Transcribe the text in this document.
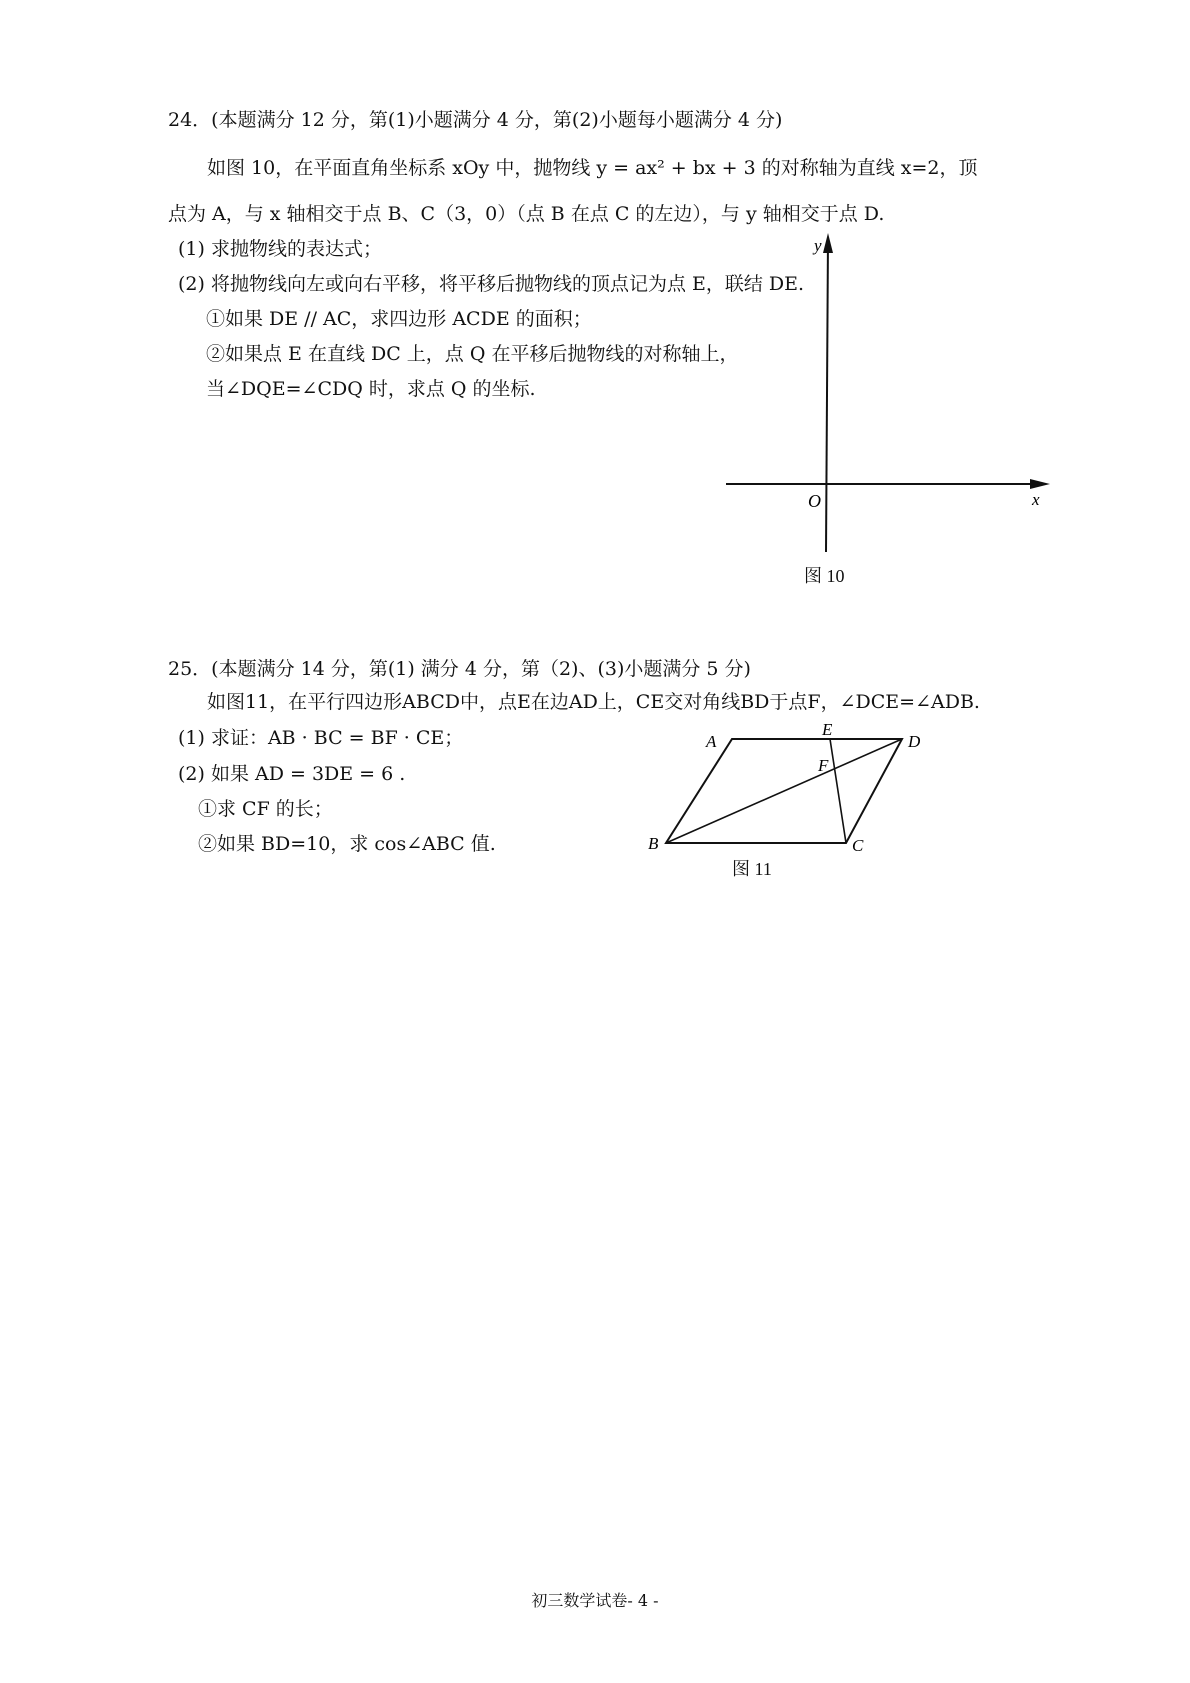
24．(本题满分 12 分，第(1)小题满分 4 分，第(2)小题每小题满分 4 分)
如图 10，在平面直角坐标系 xOy 中，抛物线 y = ax² + bx + 3 的对称轴为直线 x=2，顶
点为 A，与 x 轴相交于点 B、C（3，0）（点 B 在点 C 的左边），与 y 轴相交于点 D.
(1) 求抛物线的表达式；
(2) 将抛物线向左或向右平移，将平移后抛物线的顶点记为点 E，联结 DE.
①如果 DE // AC，求四边形 ACDE 的面积；
②如果点 E 在直线 DC 上，点 Q 在平移后抛物线的对称轴上，
当∠DQE=∠CDQ 时，求点 Q 的坐标.
y
x
O
图 10
25．(本题满分 14 分，第(1) 满分 4 分，第（2)、(3)小题满分 5 分)
如图11，在平行四边形ABCD中，点E在边AD上，CE交对角线BD于点F，∠DCE=∠ADB.
(1) 求证：AB · BC = BF · CE；
(2) 如果 AD = 3DE = 6 .
①求 CF 的长；
②如果 BD=10，求 cos∠ABC 值.
A	D
E
F
B	C
图 11
初三数学试卷- 4 -
